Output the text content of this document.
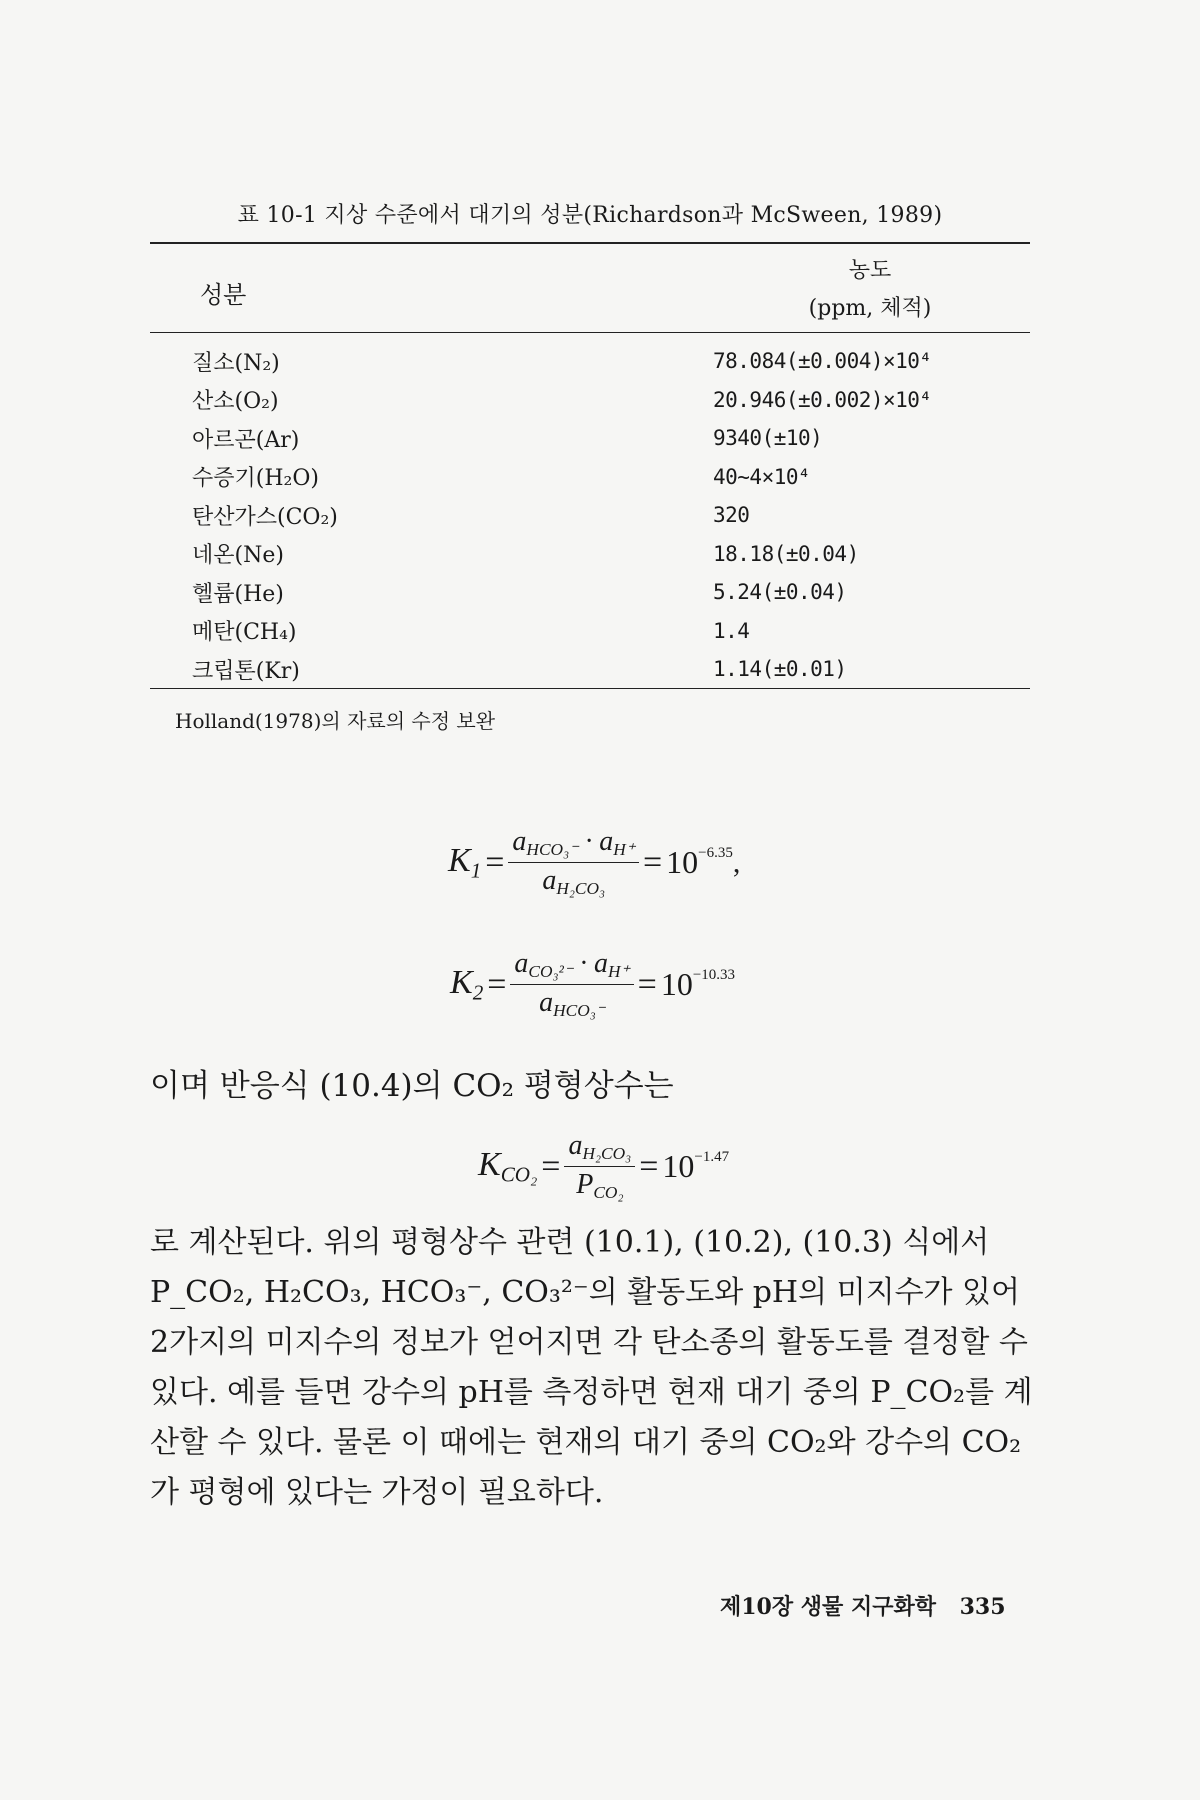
표 10-1 지상 수준에서 대기의 성분(Richardson과 McSween, 1989)
성분
농도
(ppm, 체적)
질소(N₂)	78.084(±0.004)×10⁴
산소(O₂)	20.946(±0.002)×10⁴
아르곤(Ar)	9340(±10)
수증기(H₂O)	40~4×10⁴
탄산가스(CO₂)	320
네온(Ne)	18.18(±0.04)
헬륨(He)	5.24(±0.04)
메탄(CH₄)	1.4
크립톤(Kr)	1.14(±0.01)
Holland(1978)의 자료의 수정 보완
$K_1 = \frac{a_{HCO_3^-} \cdot a_{H^+}}{a_{H_2CO_3}} = 10^{-6.35}$ ,
$K_2 = \frac{a_{CO_3^{2-}} \cdot a_{H^+}}{a_{HCO_3^-}} = 10^{-10.33}$
이며 반응식 (10.4)의 CO₂ 평형상수는
$K_{CO_2} = \frac{a_{H_2CO_3}}{P_{CO_2}} = 10^{-1.47}$
로 계산된다. 위의 평형상수 관련 (10.1), (10.2), (10.3) 식에서 P_CO₂, H₂CO₃, HCO₃⁻, CO₃²⁻의 활동도와 pH의 미지수가 있어 2가지의 미지수의 정보가 얻어지면 각 탄소종의 활동도를 결정할 수 있다. 예를 들면 강수의 pH를 측정하면 현재 대기 중의 P_CO₂를 계산할 수 있다. 물론 이 때에는 현재의 대기 중의 CO₂와 강수의 CO₂가 평형에 있다는 가정이 필요하다.
제10장 생물 지구화학 335
